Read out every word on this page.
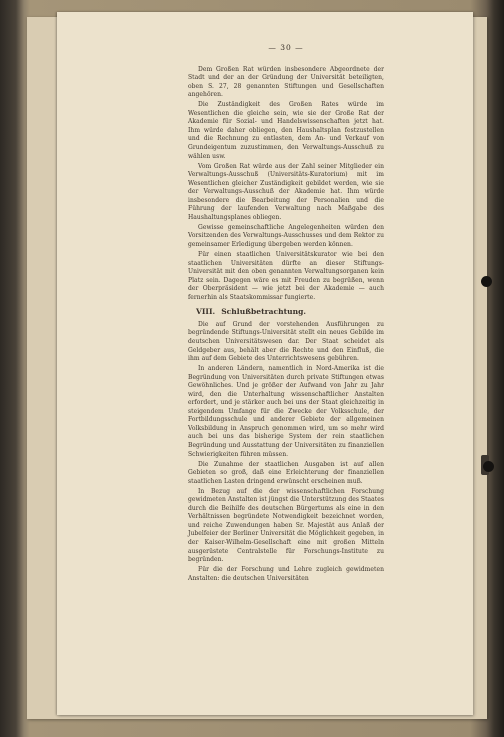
— 30 —

Dem Großen Rat würden insbesondere Abgeordnete der Stadt und der an der Gründung der Universität beteiligten, oben S. 27, 28 genannten Stiftungen und Gesellschaften angehören.

Die Zuständigkeit des Großen Rates würde im Wesentlichen die gleiche sein, wie sie der Große Rat der Akademie für Sozial- und Handelswissenschaften jetzt hat. Ihm würde daher obliegen, den Haushaltsplan festzustellen und die Rechnung zu entlasten, dem An- und Verkauf von Grundeigentum zuzustimmen, den Verwaltungs-Ausschuß zu wählen usw.

Vom Großen Rat würde aus der Zahl seiner Mitglieder ein Verwaltungs-Ausschuß (Universitäts-Kuratorium) mit im Wesentlichen gleicher Zuständigkeit gebildet werden, wie sie der Verwaltungs-Ausschuß der Akademie hat. Ihm würde insbesondere die Bearbeitung der Personalien und die Führung der laufenden Verwaltung nach Maßgabe des Haushaltungsplanes obliegen.

Gewisse gemeinschaftliche Angelegenheiten würden den Vorsitzenden des Verwaltungs-Ausschusses und dem Rektor zu gemeinsamer Erledigung übergeben werden können.

Für einen staatlichen Universitätskurator wie bei den staatlichen Universitäten dürfte an dieser Stiftungs-Universität mit den oben genannten Verwaltungsorganen kein Platz sein. Dagegen wäre es mit Freuden zu begrüßen, wenn der Oberpräsident — wie jetzt bei der Akademie — auch fernerhin als Staatskommissar fungierte.

VIII. Schlußbetrachtung.

Die auf Grund der vorstehenden Ausführungen zu begründende Stiftungs-Universität stellt ein neues Gebilde im deutschen Universitätswesen dar. Der Staat scheidet als Geldgeber aus, behält aber die Rechte und den Einfluß, die ihm auf dem Gebiete des Unterrichtswesens gebühren.

In anderen Ländern, namentlich in Nord-Amerika ist die Begründung von Universitäten durch private Stiftungen etwas Gewöhnliches. Und je größer der Aufwand von Jahr zu Jahr wird, den die Unterhaltung wissenschaftlicher Anstalten erfordert, und je stärker auch bei uns der Staat gleichzeitig in steigendem Umfange für die Zwecke der Volksschule, der Fortbildungsschule und anderer Gebiete der allgemeinen Volksbildung in Anspruch genommen wird, um so mehr wird auch bei uns das bisherige System der rein staatlichen Begründung und Ausstattung der Universitäten zu finanziellen Schwierigkeiten führen müssen.

Die Zunahme der staatlichen Ausgaben ist auf allen Gebieten so groß, daß eine Erleichterung der finanziellen staatlichen Lasten dringend erwünscht erscheinen muß.

In Bezug auf die der wissenschaftlichen Forschung gewidmeten Anstalten ist jüngst die Unterstützung des Staates durch die Beihilfe des deutschen Bürgertums als eine in den Verhältnissen begründete Notwendigkeit bezeichnet worden, und reiche Zuwendungen haben Sr. Majestät aus Anlaß der Jubelfeier der Berliner Universität die Möglichkeit gegeben, in der Kaiser-Wilhelm-Gesellschaft eine mit großen Mitteln ausgerüstete Centralstelle für Forschungs-Institute zu begründen.

Für die der Forschung und Lehre zugleich gewidmeten Anstalten: die deutschen Universitäten
